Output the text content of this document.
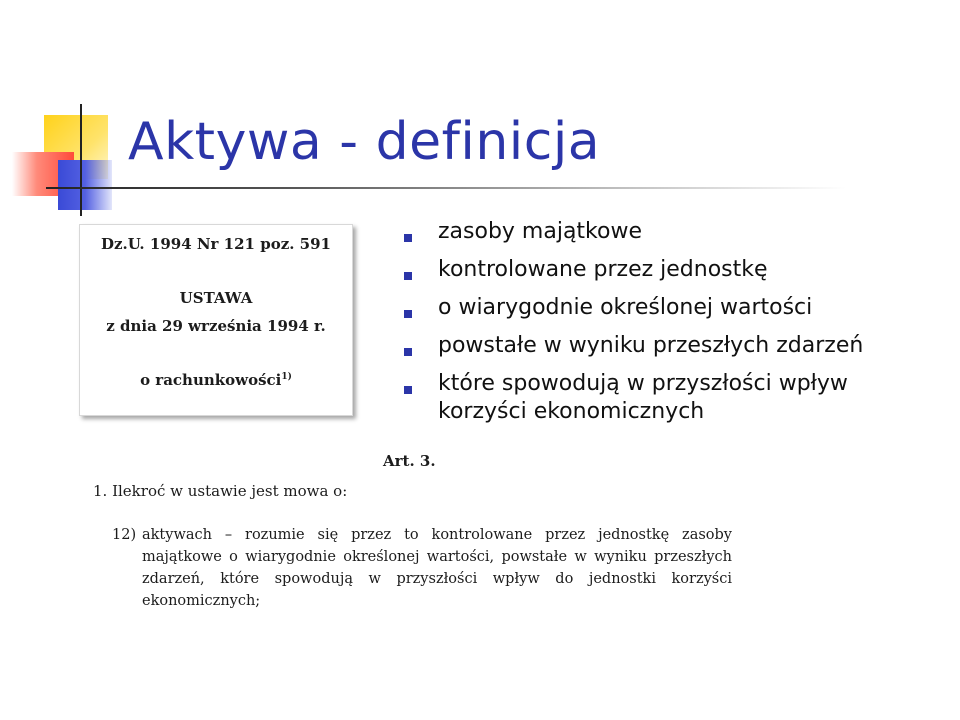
Aktywa - definicja
Dz.U. 1994 Nr 121 poz. 591
USTAWA
z dnia 29 września 1994 r.
o rachunkowości$^{1)}$
zasoby majątkowe
kontrolowane przez jednostkę
o wiarygodnie określonej wartości
powstałe w wyniku przeszłych zdarzeń
które spowodują w przyszłości wpływ korzyści ekonomicznych
Art. 3.
1. Ilekroć w ustawie jest mowa o:
12) aktywach – rozumie się przez to kontrolowane przez jednostkę zasoby majątkowe o wiarygodnie określonej wartości, powstałe w wyniku przeszłych zdarzeń, które spowodują w przyszłości wpływ do jednostki korzyści ekonomicznych;
